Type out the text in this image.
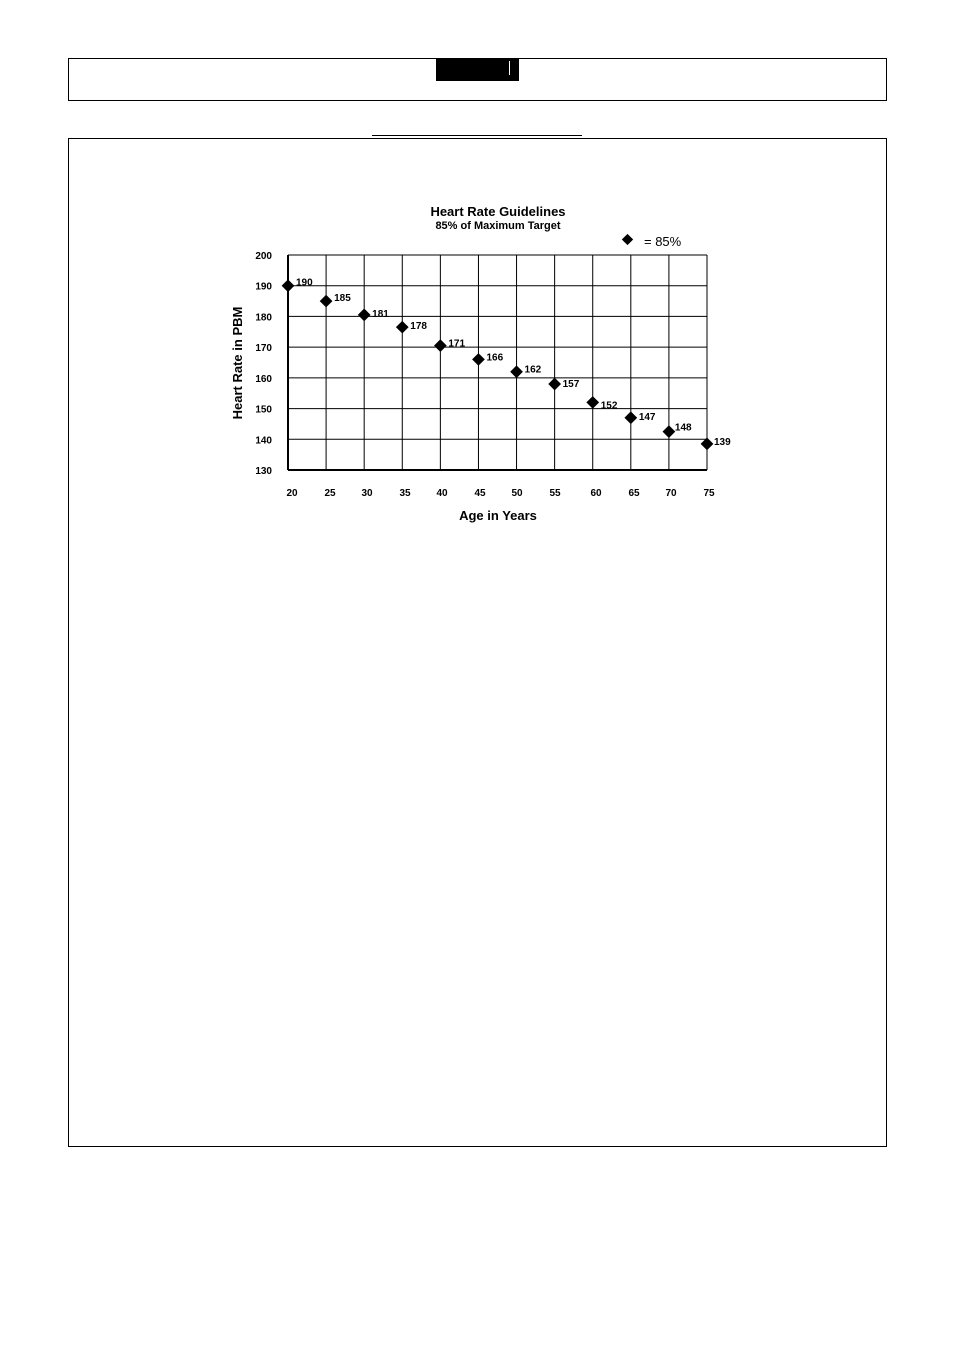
Heart Rate Guidelines
85% of Maximum Target
= 85%
130
140
150
160
170
180
190
200
20	25	30	35	40	45	50	55	60	65	70	75
190
185
181
178
171
166
162
157
152
147
148
139
Age in Years
Heart Rate in PBM
